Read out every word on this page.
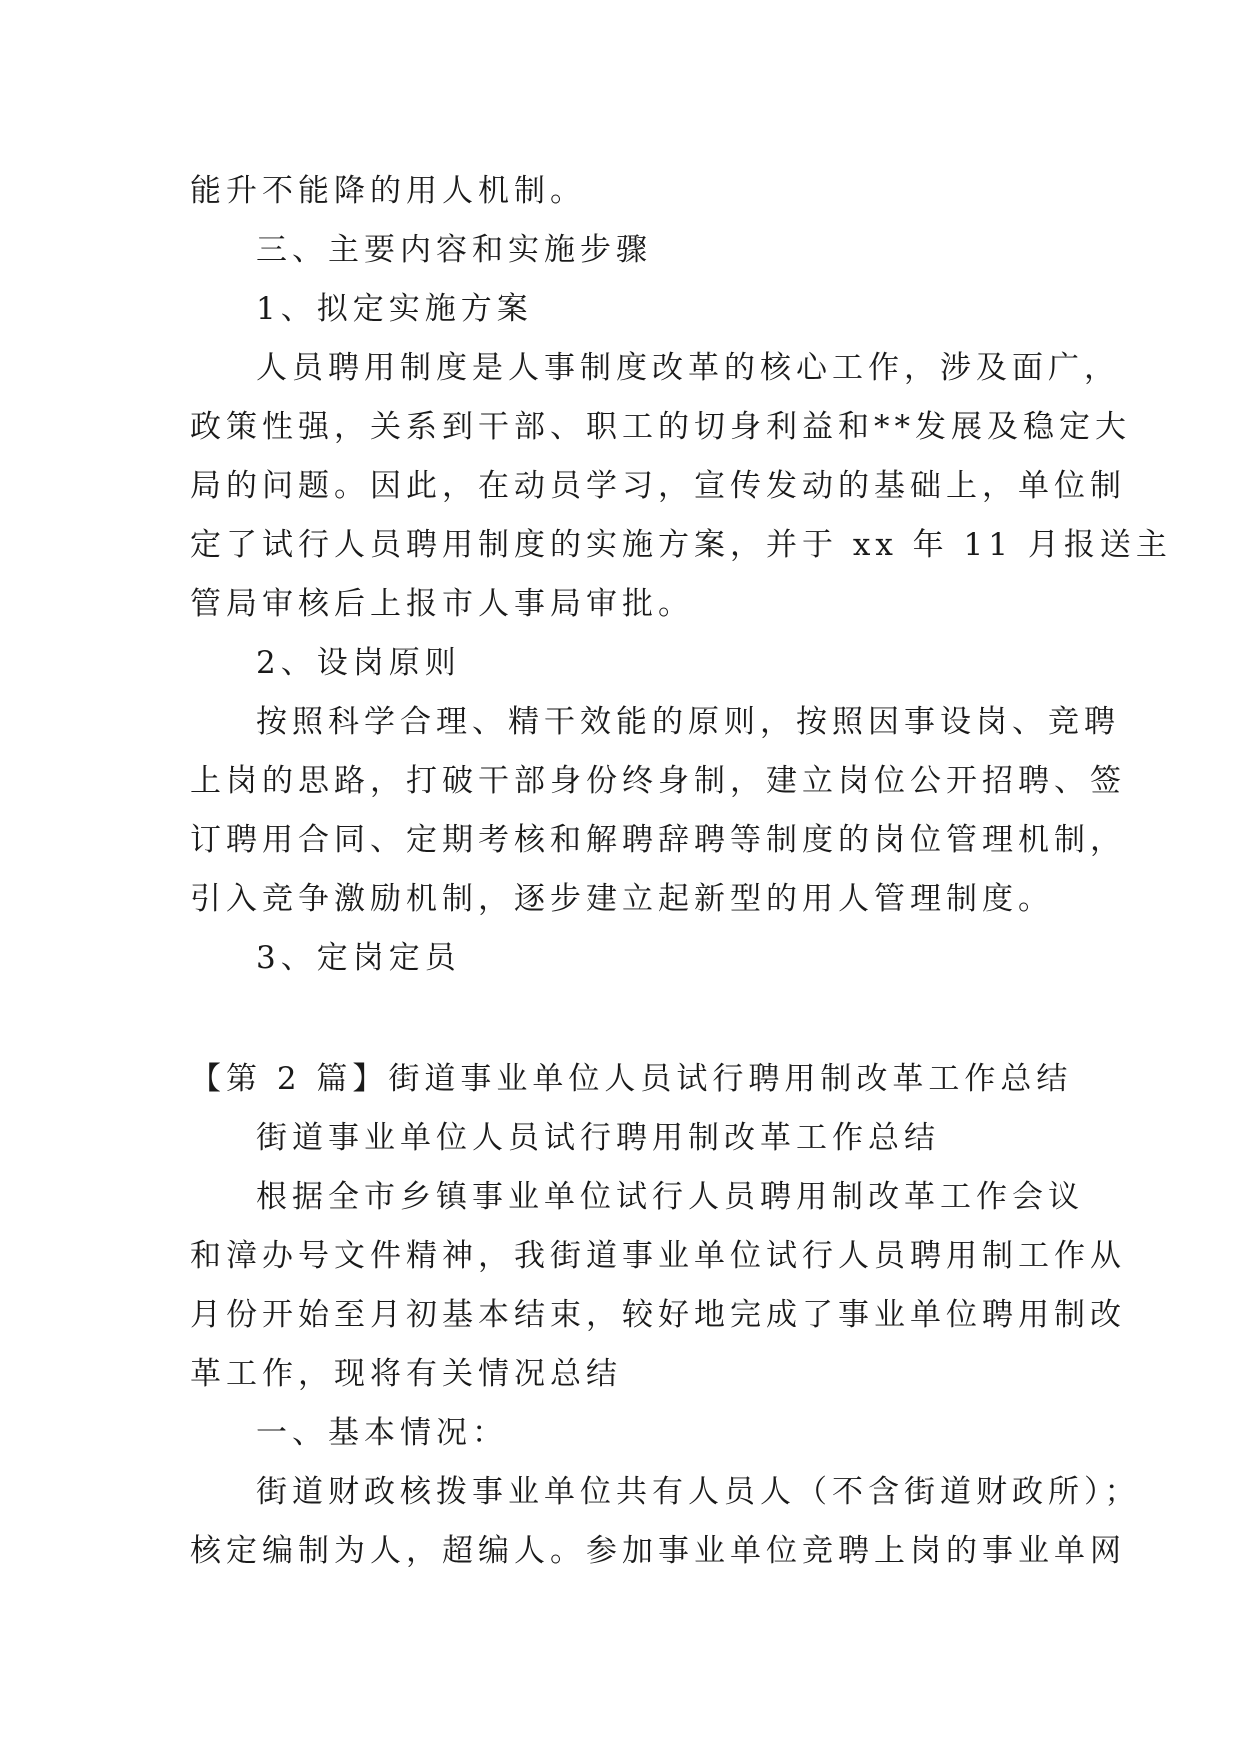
能升不能降的用人机制。
三、主要内容和实施步骤
1、拟定实施方案
人员聘用制度是人事制度改革的核心工作，涉及面广，
政策性强，关系到干部、职工的切身利益和**发展及稳定大
局的问题。因此，在动员学习，宣传发动的基础上，单位制
定了试行人员聘用制度的实施方案，并于 xx 年 11 月报送主
管局审核后上报市人事局审批。
2、设岗原则
按照科学合理、精干效能的原则，按照因事设岗、竞聘
上岗的思路，打破干部身份终身制，建立岗位公开招聘、签
订聘用合同、定期考核和解聘辞聘等制度的岗位管理机制，
引入竞争激励机制，逐步建立起新型的用人管理制度。
3、定岗定员
【第 2 篇】街道事业单位人员试行聘用制改革工作总结
街道事业单位人员试行聘用制改革工作总结
根据全市乡镇事业单位试行人员聘用制改革工作会议
和漳办号文件精神，我街道事业单位试行人员聘用制工作从
月份开始至月初基本结束，较好地完成了事业单位聘用制改
革工作，现将有关情况总结
一、基本情况：
街道财政核拨事业单位共有人员人（不含街道财政所）；
核定编制为人，超编人。参加事业单位竞聘上岗的事业单网
